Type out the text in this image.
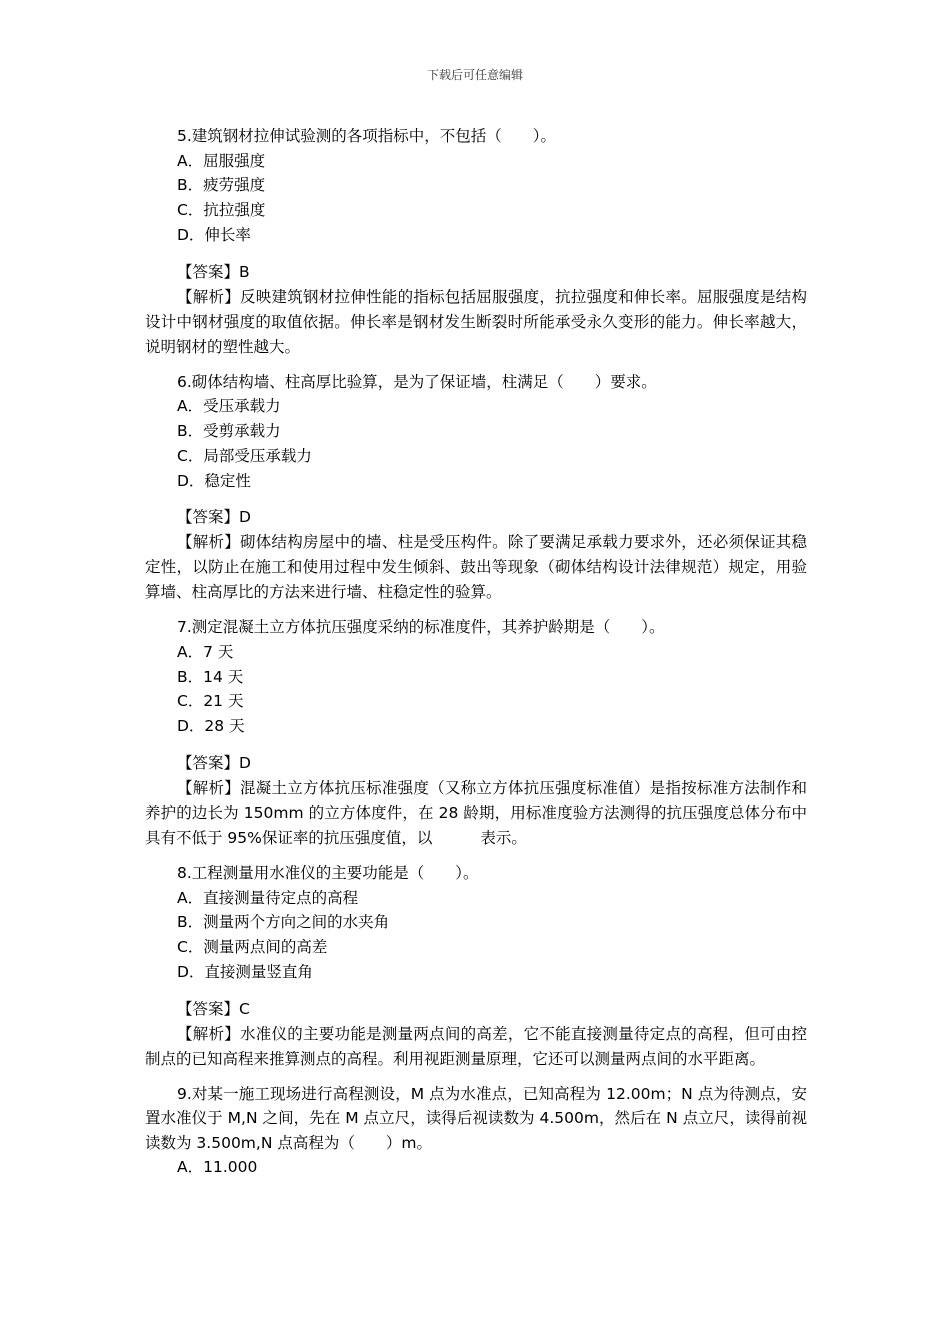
下载后可任意编辑
5.建筑钢材拉伸试验测的各项指标中，不包括（　　）。
A．屈服强度
B．疲劳强度
C．抗拉强度
D．伸长率
【答案】B
【解析】反映建筑钢材拉伸性能的指标包括屈服强度，抗拉强度和伸长率。屈服强度是结构设计中钢材强度的取值依据。伸长率是钢材发生断裂时所能承受永久变形的能力。伸长率越大，说明钢材的塑性越大。
6.砌体结构墙、柱高厚比验算，是为了保证墙，柱满足（　　）要求。
A．受压承载力
B．受剪承载力
C．局部受压承载力
D．稳定性
【答案】D
【解析】砌体结构房屋中的墙、柱是受压构件。除了要满足承载力要求外，还必须保证其稳定性，以防止在施工和使用过程中发生倾斜、鼓出等现象（砌体结构设计法律规范）规定，用验算墙、柱高厚比的方法来进行墙、柱稳定性的验算。
7.测定混凝土立方体抗压强度采纳的标准度件，其养护龄期是（　　）。
A．7 天
B．14 天
C．21 天
D．28 天
【答案】D
【解析】混凝土立方体抗压标准强度（又称立方体抗压强度标准值）是指按标准方法制作和养护的边长为 150mm 的立方体度件，在 28 龄期，用标准度验方法测得的抗压强度总体分布中具有不低于 95%保证率的抗压强度值，以	表示。
8.工程测量用水准仪的主要功能是（　　）。
A．直接测量待定点的高程
B．测量两个方向之间的水夹角
C．测量两点间的高差
D．直接测量竖直角
【答案】C
【解析】水准仪的主要功能是测量两点间的高差，它不能直接测量待定点的高程，但可由控制点的已知高程来推算测点的高程。利用视距测量原理，它还可以测量两点间的水平距离。
9.对某一施工现场进行高程测设，M 点为水准点，已知高程为 12.00m；N 点为待测点，安置水准仪于 M,N 之间，先在 M 点立尺，读得后视读数为 4.500m，然后在 N 点立尺，读得前视读数为 3.500m,N 点高程为（　　）m。
A．11.000
